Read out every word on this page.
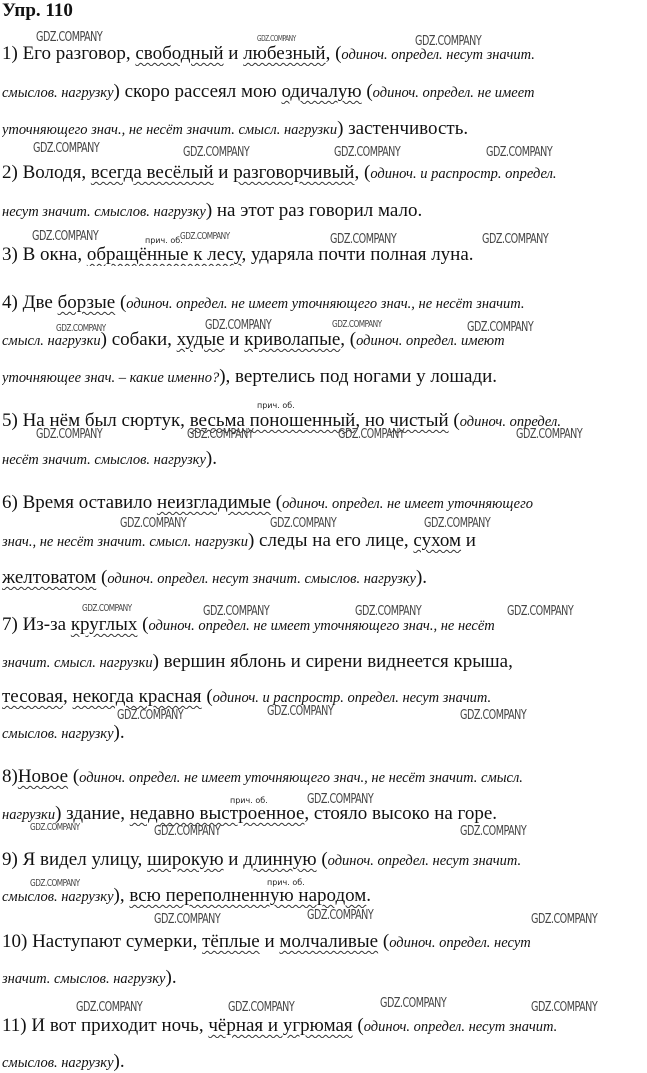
Упр. 110
1) Его разговор, свободный и любезный, (одиноч. определ. несут значит.
смыслов. нагрузку) скоро рассеял мою одичалую (одиноч. определ. не имеет
уточняющего знач., не несёт значит. смысл. нагрузки) застенчивость.
2) Володя, всегда весёлый и разговорчивый, (одиноч. и распростр. определ.
несут значит. смыслов. нагрузку) на этот раз говорил мало.
3) В окна, обращённые к лесу, ударяла почти полная луна.
4) Две борзые (одиноч. определ. не имеет уточняющего знач., не несёт значит.
смысл. нагрузки) собаки, худые и криволапые, (одиноч. определ. имеют
уточняющее знач. – какие именно?), вертелись под ногами у лошади.
5) На нём был сюртук, весьма поношенный, но чистый (одиноч. определ.
несёт значит. смыслов. нагрузку).
6) Время оставило неизгладимые (одиноч. определ. не имеет уточняющего
знач., не несёт значит. смысл. нагрузки) следы на его лице, сухом и
желтоватом (одиноч. определ. несут значит. смыслов. нагрузку).
7) Из-за круглых (одиноч. определ. не имеет уточняющего знач., не несёт
значит. смысл. нагрузки) вершин яблонь и сирени виднеется крыша,
тесовая, некогда красная (одиноч. и распростр. определ. несут значит.
смыслов. нагрузку).
8)Новое (одиноч. определ. не имеет уточняющего знач., не несёт значит. смысл.
нагрузки) здание, недавно выстроенное, стояло высоко на горе.
9) Я видел улицу, широкую и длинную (одиноч. определ. несут значит.
смыслов. нагрузку), всю переполненную народом.
10) Наступают сумерки, тёплые и молчаливые (одиноч. определ. несут
значит. смыслов. нагрузку).
11) И вот приходит ночь, чёрная и угрюмая (одиноч. определ. несут значит.
смыслов. нагрузку).
прич. об.
прич. об.
прич. об.
прич. об.
GDZ.COMPANY	GDZ.COMPANY	GDZ.COMPANY
GDZ.COMPANY	GDZ.COMPANY	GDZ.COMPANY	GDZ.COMPANY
GDZ.COMPANY	GDZ.COMPANY	GDZ.COMPANY	GDZ.COMPANY
GDZ.COMPANY	GDZ.COMPANY	GDZ.COMPANY	GDZ.COMPANY
GDZ.COMPANY	GDZ.COMPANY	GDZ.COMPANY	GDZ.COMPANY
GDZ.COMPANY	GDZ.COMPANY	GDZ.COMPANY
GDZ.COMPANY	GDZ.COMPANY	GDZ.COMPANY	GDZ.COMPANY
GDZ.COMPANY	GDZ.COMPANY	GDZ.COMPANY
GDZ.COMPANY
GDZ.COMPANY	GDZ.COMPANY	GDZ.COMPANY
GDZ.COMPANY
GDZ.COMPANY	GDZ.COMPANY	GDZ.COMPANY
GDZ.COMPANY	GDZ.COMPANY	GDZ.COMPANY	GDZ.COMPANY
